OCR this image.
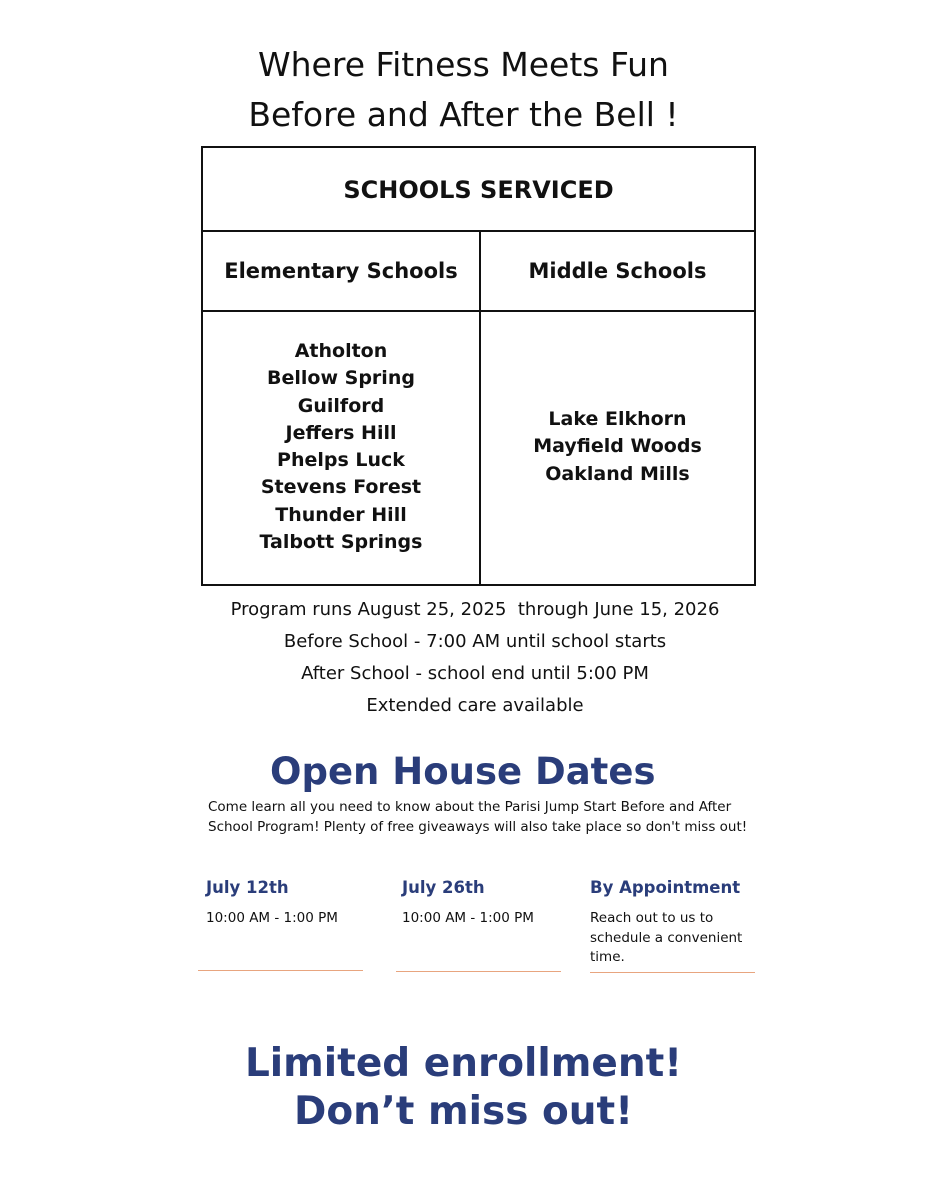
Where Fitness Meets Fun
Before and After the Bell !
SCHOOLS SERVICED
Elementary Schools	Middle Schools
Atholton
Bellow Spring
Guilford
Jeffers Hill
Phelps Luck
Stevens Forest
Thunder Hill
Talbott Springs
Lake Elkhorn
Mayfield Woods
Oakland Mills
Program runs August 25, 2025  through June 15, 2026
Before School - 7:00 AM until school starts
After School - school end until 5:00 PM
Extended care available
Open House Dates
Come learn all you need to know about the Parisi Jump Start Before and After School Program! Plenty of free giveaways will also take place so don't miss out!
July 12th
10:00 AM - 1:00 PM
July 26th
10:00 AM - 1:00 PM
By Appointment
Reach out to us to schedule a convenient time.
Limited enrollment!
Don’t miss out!
